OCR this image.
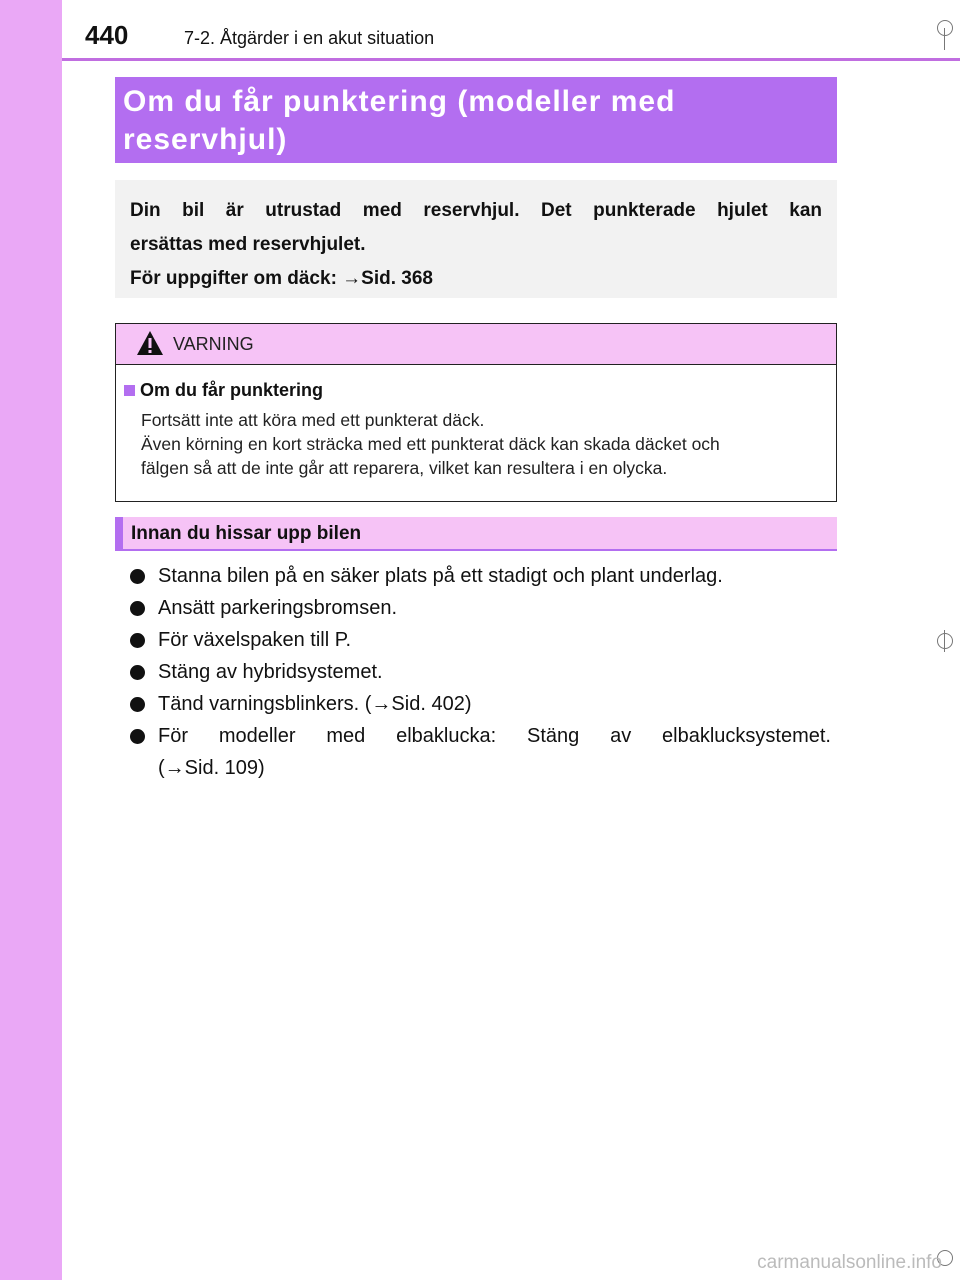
440	7-2. Åtgärder i en akut situation
Om du får punktering (modeller med
reservhjul)

Din bil är utrustad med reservhjul. Det punkterade hjulet kan

ersättas med reservhjulet.

För uppgifter om däck: →Sid. 368

VARNING
Om du får punktering
Fortsätt inte att köra med ett punkterat däck.
Även körning en kort sträcka med ett punkterat däck kan skada däcket och
fälgen så att de inte går att reparera, vilket kan resultera i en olycka.
Innan du hissar upp bilen
Stanna bilen på en säker plats på ett stadigt och plant underlag.
Ansätt parkeringsbromsen.
För växelspaken till P.
Stäng av hybridsystemet.
Tänd varningsblinkers. (→Sid. 402)
För modeller med elbaklucka: Stäng av elbaklucksystemet.
(→Sid. 109)
carmanualsonline.info
